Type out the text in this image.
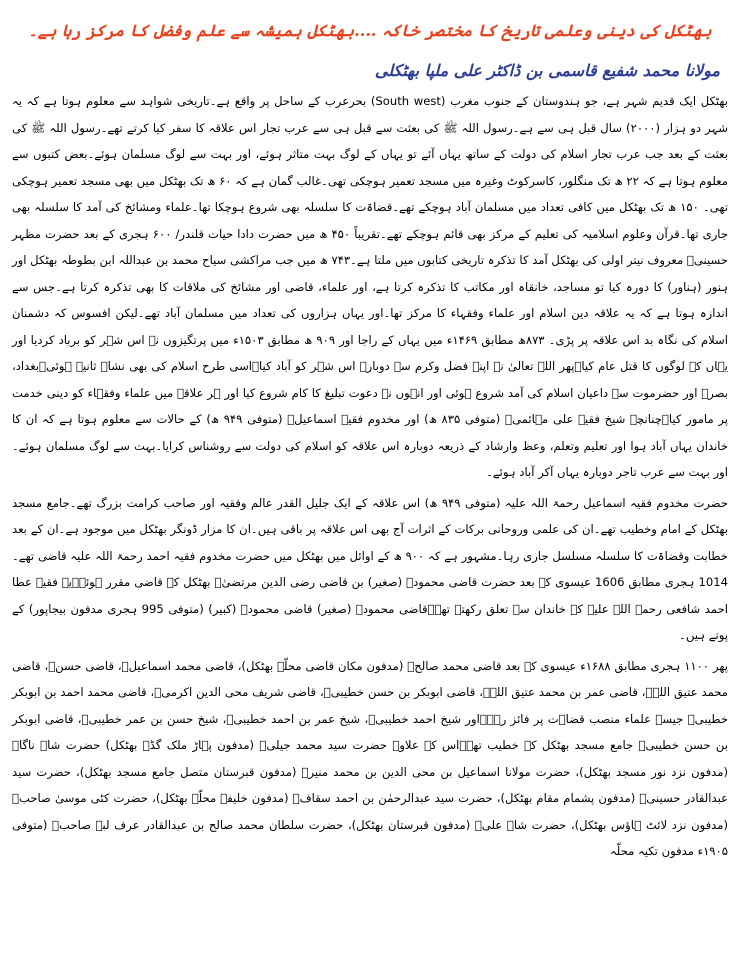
بھٹکل کی دینی وعلمی تاریخ کا مختصر خاکہ ....بھٹکل ہمیشہ سے علم وفضل کا مرکز رہا ہے۔
مولانا محمد شفیع قاسمی بن ڈاکٹر علی ملپا بھٹکلی

بھٹکل ایک قدیم شہر ہے، جو ہندوستان کے جنوب مغرب (South west) بحرعرب کے ساحل پر واقع ہے۔تاریخی شواہد سے معلوم ہوتا ہے کہ یہ شہر دو ہزار (۲۰۰۰) سال قبل ہی سے ہے۔رسول اللہ ﷺ کی بعثت سے قبل ہی سے عرب تجار اس علاقہ کا سفر کیا کرتے تھے۔رسول اللہ ﷺ کی بعثت کے بعد جب عرب تجار اسلام کی دولت کے ساتھ یہاں آئے تو یہاں کے لوگ بہت متاثر ہوئے، اور بہت سے لوگ مسلمان ہوئے۔بعض کتبوں سے معلوم ہوتا ہے کہ ۲۲ ھ تک منگلور، کاسرکوٹ وغیرہ میں مسجد تعمیر ہوچکی تھی۔غالب گمان ہے کہ ۶۰ ھ تک بھٹکل میں بھی مسجد تعمیر ہوچکی تھی۔ ۱۵۰ ھ تک بھٹکل میں کافی تعداد میں مسلمان آباد ہوچکے تھے۔قضاۃت کا سلسلہ بھی شروع ہوچکا تھا۔علماء ومشائخ کی آمد کا سلسلہ بھی جاری تھا۔قرآن وعلوم اسلامیہ کی تعلیم کے مرکز بھی قائم ہوچکے تھے۔تقریباً ۴۵۰ ھ میں حضرت دادا حیات قلندر/ ۶۰۰ ہجری کے بعد حضرت مظہر حسینیؒ معروف نیتر اولی کی بھٹکل آمد کا تذکرہ تاریخی کتابوں میں ملتا ہے۔۷۴۳ ھ میں جب مراکشی سیاح محمد بن عبداللہ ابن بطوطہ بھٹکل اور ہنور (ہناور) کا دورہ کیا تو مساجد، خانقاہ اور مکاتب کا تذکرہ کرتا ہے، اور علماء، قاضی اور مشائخ کی ملاقات کا بھی تذکرہ کرتا ہے۔جس سے اندازہ ہوتا ہے کہ یہ علاقہ دین اسلام اور علماء وفقہاء کا مرکز تھا۔اور یہاں ہزاروں کی تعداد میں مسلمان آباد تھے۔لیکن افسوس کہ دشمنان اسلام کی نگاہ بد اس علاقہ پر پڑی۔ ۸۷۳ھ مطابق ۱۴۶۹ء میں یہاں کے راجا اور ۹۰۹ ھ مطابق ۱۵۰۳ء میں پرتگیزوں نے اس شہر کو برباد کردیا اور یہاں کے لوگوں کا قتل عام کیا۔پھر اللہ تعالیٰ نے اپنے فضل وکرم سے دوبارہ اس شہر کو آباد کیا۔اسی طرح اسلام کی بھی نشاۃ ثانیہ ہوئی۔بغداد، بصرہ اور حضرموت سے داعیان اسلام کی آمد شروع ہوئی اور انہوں نے دعوت تبلیغ کا کام شروع کیا اور ہر علاقہ میں علماء وفقہاء کو دینی خدمت پر مامور کیا۔چنانچہ شیخ فقیہ علی مہائمیؒ (متوفی ۸۳۵ ھ) اور مخدوم فقیہ اسماعیلؒ (متوفی ۹۴۹ ھ) کے حالات سے معلوم ہوتا ہے کہ ان کا خاندان یہاں آباد ہوا اور تعلیم وتعلم، وعظ وارشاد کے ذریعہ دوبارہ اس علاقہ کو اسلام کی دولت سے روشناس کرایا۔بہت سے لوگ مسلمان ہوئے۔اور بہت سے عرب تاجر دوبارہ یہاں آکر آباد ہوئے۔

حضرت مخدوم فقیہ اسماعیل رحمۃ اللہ علیہ (متوفی ۹۴۹ ھ) اس علاقہ کے ایک جلیل القدر عالم وفقیہ اور صاحب کرامت بزرگ تھے۔جامع مسجد بھٹکل کے امام وخطیب تھے۔ان کی علمی وروحانی برکات کے اثرات آج بھی اس علاقہ پر باقی ہیں۔ان کا مزار ڈونگر بھٹکل میں موجود ہے۔ان کے بعد خطابت وقضاۃت کا سلسلہ مسلسل جاری رہا۔مشہور ہے کہ ۹۰۰ ھ کے اوائل میں بھٹکل میں حضرت مخدوم فقیہ احمد رحمۃ اللہ علیہ قاضی تھے۔1014 ہجری مطابق 1606 عیسوی کے بعد حضرت قاضی محمودؒ (صغیر) بن قاضی رضی الدین مرتضیٰؒ بھٹکل کے قاضی مقرر ہوئے۔یہ فقیہ عطا احمد شافعی رحمۃ اللہ علیہ کے خاندان سے تعلق رکھتے تھے۔قاضی محمودؒ (صغیر) قاضی محمودؒ (کبیر) (متوفی 995 ہجری مدفون بیجاپور) کے پوتے ہیں۔

پھر ۱۱۰۰ ہجری مطابق ۱۶۸۸ء عیسوی کے بعد قاضی محمد صالحؒ (مدفون مکان قاضی محلّہ بھٹکل)، قاضی محمد اسماعیلؒ، قاضی حسنؒ، قاضی محمد عتیق اللہؒ، قاضی عمر بن محمد عتیق اللہؒ، قاضی ابوبکر بن حسن خطیبیؒ، قاضی شریف محی الدین اکرمیؒ، قاضی محمد احمد بن ابوبکر خطیبیؒ جیسے علماء منصب قضاۃت پر فائز رہے۔اور شیخ احمد خطیبیؒ، شیخ عمر بن احمد خطیبیؒ، شیخ حسن بن عمر خطیبیؒ، قاضی ابوبکر بن حسن خطیبیؒ جامع مسجد بھٹکل کے خطیب تھے۔اس کے علاوہ حضرت سید محمد جیلیؒ (مدفون پہاڑ ملک گڈے بھٹکل) حضرت شاہ ناگاؒ (مدفون نزد نور مسجد بھٹکل)، حضرت مولانا اسماعیل بن محی الدین بن محمد منیرؒ (مدفون قبرستان متصل جامع مسجد بھٹکل)، حضرت سید عبدالقادر حسینیؒ (مدفون پشمام مقام بھٹکل)، حضرت سید عبدالرحمٰن بن احمد سقافؒ (مدفون خلیفہ محلّہ بھٹکل)، حضرت کٹی موسیٰ صاحبؒ (مدفون نزد لائٹ ہاؤس بھٹکل)، حضرت شاہ علیؒ (مدفون قبرستان بھٹکل)، حضرت سلطان محمد صالح بن عبدالقادر عرف لبے صاحبؒ (متوفی ۱۹۰۵ء مدفون تکیہ محلّہ
